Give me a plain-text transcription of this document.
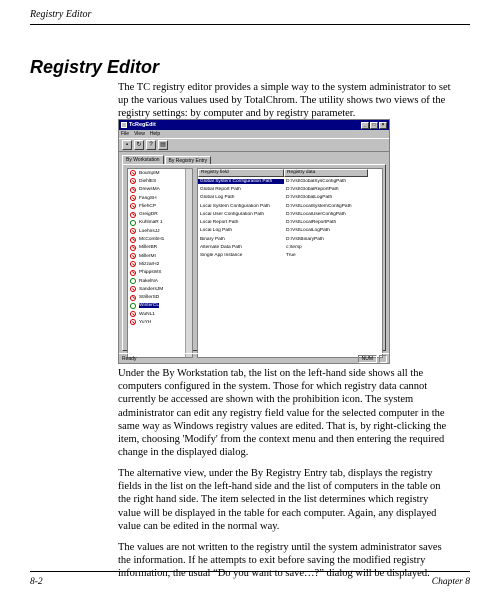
Registry Editor
Registry Editor

The TC registry editor provides a simple way to the system administrator to set up the various values used by TotalChrom. The utility shows two views of the registry settings: by computer and by registry parameter.

TcRegEdit	_	□	×
File View Help
▪	↻	?	▤
By Workstation	By Registry Entry
BoumpIM
DiehlES
DrewsMA
FangSH
FliehCP
GreigDR
KuhlmaR 1
LoehnsJJ
McCombH1
MillerBR
MillerMI
MizzarH2
PhippsWS
RakelNA
SandersJM
StrillerSD
WinterCL
WuNL1
YuYH
Registry field	Registry data
Global System Configuration Path	D:\Vst\GlobalSysConfigPath
Global Report Path	D:\Vst\GlobalReportPath
Global Log Path	D:\Vst\GlobalLogPath
Local System Configuration Path	D:\Vst\LocalSystemConfigPath
Local User Configuration Path	D:\Vst\LocalUserConfigPath
Local Report Path	D:\Vst\LocalReportPath
Local Log Path	D:\Vst\LocalLogPath
Binary Path	D:\Vst\BinaryPath
Alternate Data Path	c:\temp
Single App Instance	True
Ready	NUM

Under the By Workstation tab, the list on the left-hand side shows all the computers configured in the system. Those for which registry data cannot currently be accessed are shown with the prohibition icon. The system administrator can edit any registry field value for the selected computer in the same way as Windows registry values are edited. That is, by right-clicking the item, choosing 'Modify' from the context menu and then entering the required change in the displayed dialog.

The alternative view, under the By Registry Entry tab, displays the registry fields in the list on the left-hand side and the list of computers in the table on the right hand side. The item selected in the list determines which registry value will be displayed in the table for each computer. Again, any displayed value can be edited in the normal way.

The values are not written to the registry until the system administrator saves the information. If he attempts to exit before saving the modified registry information, the usual “Do you want to save…?” dialog will be displayed.

8-2	Chapter 8
